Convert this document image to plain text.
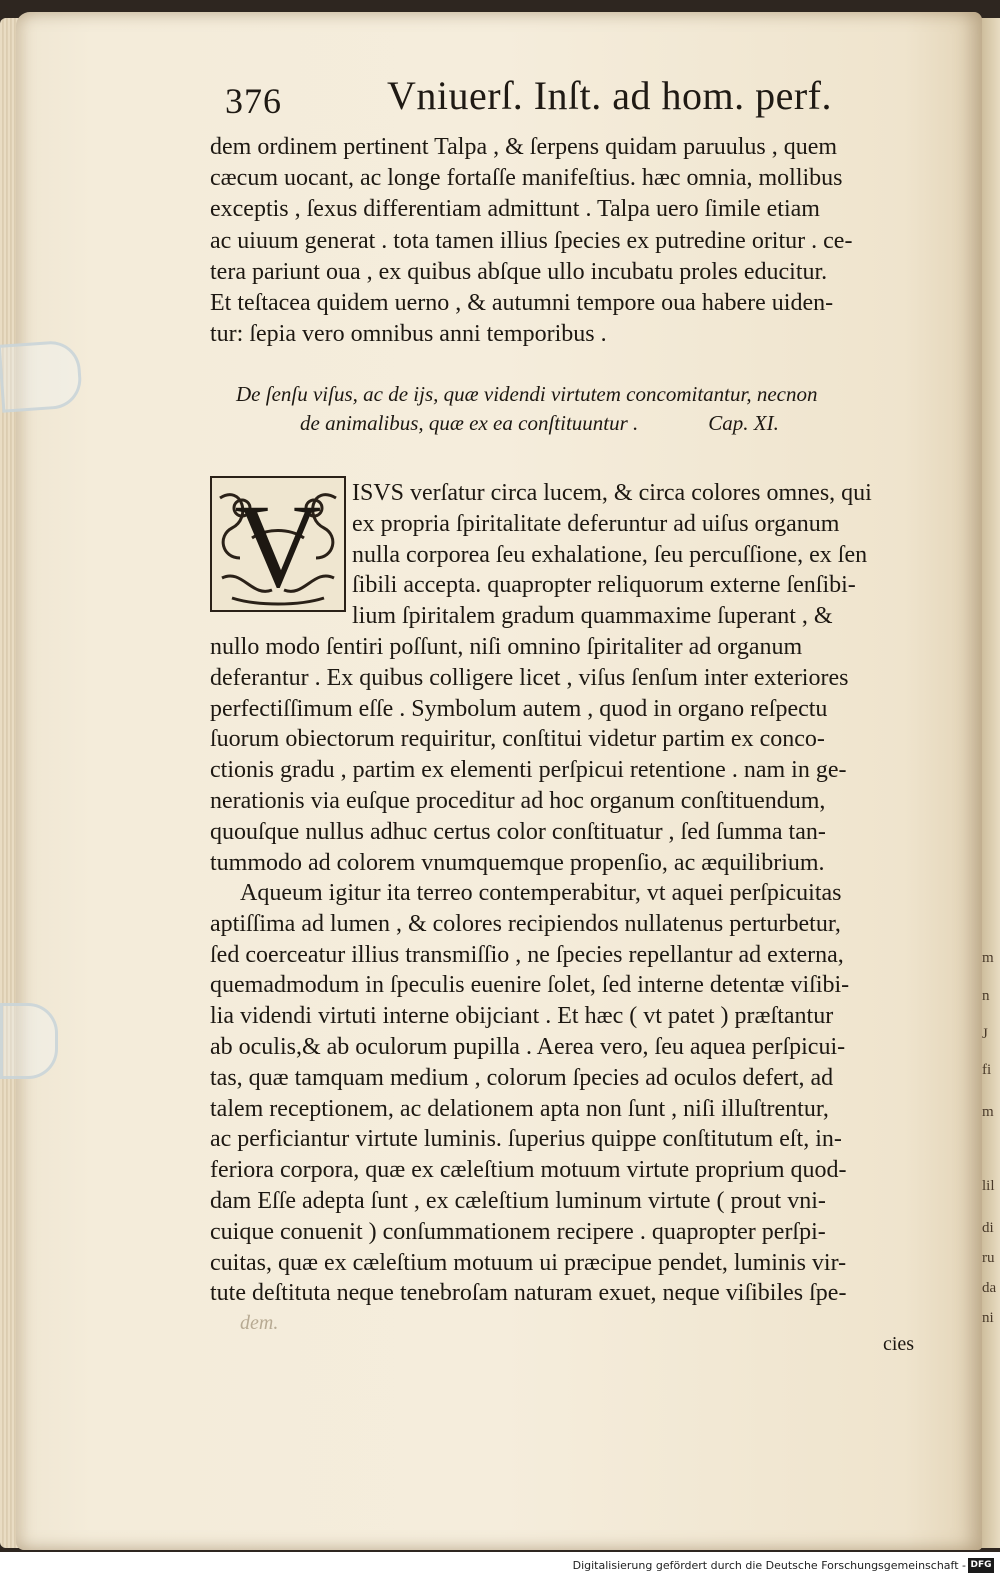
m
n
J
fi
m
lil
di
ru
da
ni
376	Vniuerſ. Inſt. ad hom. perf.
dem ordinem pertinent Talpa , & ſerpens quidam paruulus , quem
cæcum uocant, ac longe fortaſſe manifeſtius. hæc omnia, mollibus
exceptis , ſexus differentiam admittunt . Talpa uero ſimile etiam
ac uiuum generat . tota tamen illius ſpecies ex putredine oritur . ce-
tera pariunt oua , ex quibus abſque ullo incubatu proles educitur.
Et teſtacea quidem uerno , & autumni tempore oua habere uiden-
tur: ſepia vero omnibus anni temporibus .
De ſenſu viſus, ac de ijs, quæ videndi virtutem concomitantur, necnon
de animalibus, quæ ex ea conſtituuntur .	Cap. XI.
V ISVS verſatur circa lucem, & circa colores omnes, qui
ex propria ſpiritalitate deferuntur ad uiſus organum
nulla corporea ſeu exhalatione, ſeu percuſſione, ex ſen
ſibili accepta. quapropter reliquorum externe ſenſibi-
lium ſpiritalem gradum quammaxime ſuperant , &
nullo modo ſentiri poſſunt, niſi omnino ſpiritaliter ad organum
deferantur . Ex quibus colligere licet , viſus ſenſum inter exteriores
perfectiſſimum eſſe . Symbolum autem , quod in organo reſpectu
ſuorum obiectorum requiritur, conſtitui videtur partim ex conco-
ctionis gradu , partim ex elementi perſpicui retentione . nam in ge-
nerationis via euſque proceditur ad hoc organum conſtituendum,
quouſque nullus adhuc certus color conſtituatur , ſed ſumma tan-
tummodo ad colorem vnumquemque propenſio, ac æquilibrium.
Aqueum igitur ita terreo contemperabitur, vt aquei perſpicuitas
aptiſſima ad lumen , & colores recipiendos nullatenus perturbetur,
ſed coerceatur illius transmiſſio , ne ſpecies repellantur ad externa,
quemadmodum in ſpeculis euenire ſolet, ſed interne detentæ viſibi-
lia videndi virtuti interne obijciant . Et hæc ( vt patet ) præſtantur
ab oculis,& ab oculorum pupilla . Aerea vero, ſeu aquea perſpicui-
tas, quæ tamquam medium , colorum ſpecies ad oculos defert, ad
talem receptionem, ac delationem apta non ſunt , niſi illuſtrentur,
ac perficiantur virtute luminis. ſuperius quippe conſtitutum eſt, in-
feriora corpora, quæ ex cæleſtium motuum virtute proprium quod-
dam Eſſe adepta ſunt , ex cæleſtium luminum virtute ( prout vni-
cuique conuenit ) conſummationem recipere . quapropter perſpi-
cuitas, quæ ex cæleſtium motuum ui præcipue pendet, luminis vir-
tute deſtituta neque tenebroſam naturam exuet, neque viſibiles ſpe-
cies
dem.
Digitalisierung gefördert durch die Deutsche Forschungsgemeinschaft - DFG
